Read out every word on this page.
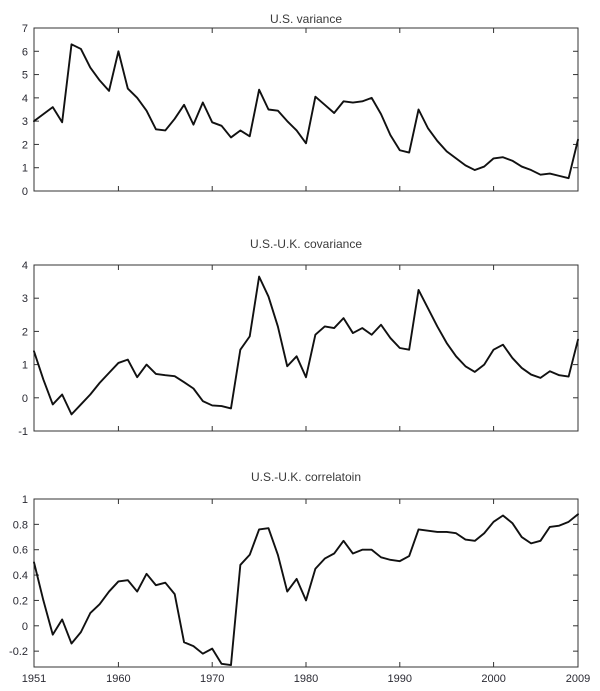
U.S. variance
0
1
2
3
4
5
6
7
U.S.-U.K. covariance
-1
0
1
2
3
4
U.S.-U.K. correlatoin
-0.2
0
0.2
0.4
0.6
0.8
1
1951	1960	1970	1980	1990	2000	2009
